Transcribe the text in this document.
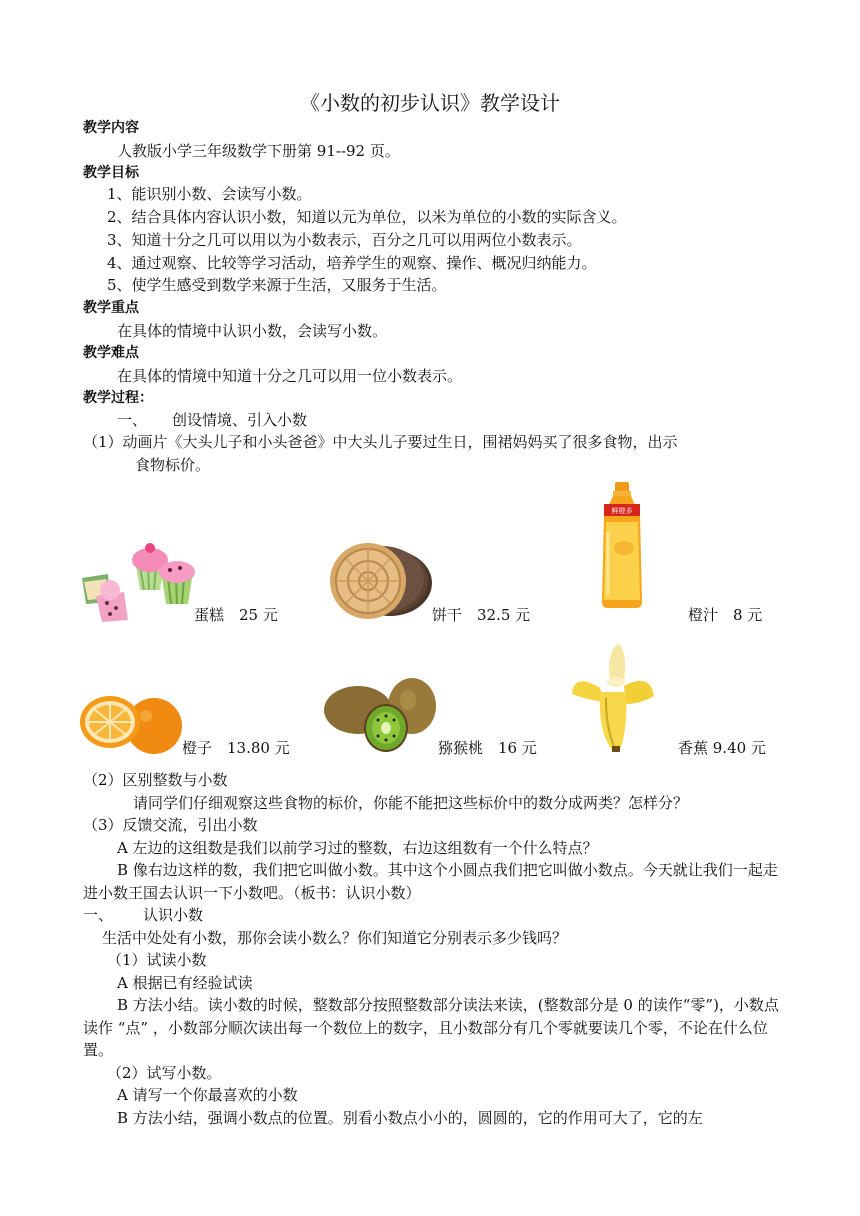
《小数的初步认识》教学设计
教学内容
人教版小学三年级数学下册第 91--92 页。
教学目标
1、能识别小数、会读写小数。
2、结合具体内容认识小数，知道以元为单位，以米为单位的小数的实际含义。
3、知道十分之几可以用以为小数表示，百分之几可以用两位小数表示。
4、通过观察、比较等学习活动，培养学生的观察、操作、概况归纳能力。
5、使学生感受到数学来源于生活，又服务于生活。
教学重点
在具体的情境中认识小数，会读写小数。
教学难点
在具体的情境中知道十分之几可以用一位小数表示。
教学过程：
一、 创设情境、引入小数
（1）动画片《大头儿子和小头爸爸》中大头儿子要过生日，围裙妈妈买了很多食物，出示
食物标价。
蛋糕　25 元	饼干　32.5 元
鲜橙多
橙汁　8 元
橙子　13.80 元	猕猴桃　16 元	香蕉 9.40 元
（2）区别整数与小数
请同学们仔细观察这些食物的标价，你能不能把这些标价中的数分成两类？怎样分？
（3）反馈交流，引出小数
A 左边的这组数是我们以前学习过的整数，右边这组数有一个什么特点？
B 像右边这样的数，我们把它叫做小数。其中这个小圆点我们把它叫做小数点。今天就让我们一起走进小数王国去认识一下小数吧。（板书：认识小数）
一、 认识小数
生活中处处有小数，那你会读小数么？你们知道它分别表示多少钱吗？
（1）试读小数
A 根据已有经验试读
B 方法小结。读小数的时候，整数部分按照整数部分读法来读，(整数部分是 0 的读作“零”)，小数点读作 “点” ，小数部分顺次读出每一个数位上的数字，且小数部分有几个零就要读几个零，不论在什么位置。
（2）试写小数。
A 请写一个你最喜欢的小数
B 方法小结，强调小数点的位置。别看小数点小小的，圆圆的，它的作用可大了，它的左
